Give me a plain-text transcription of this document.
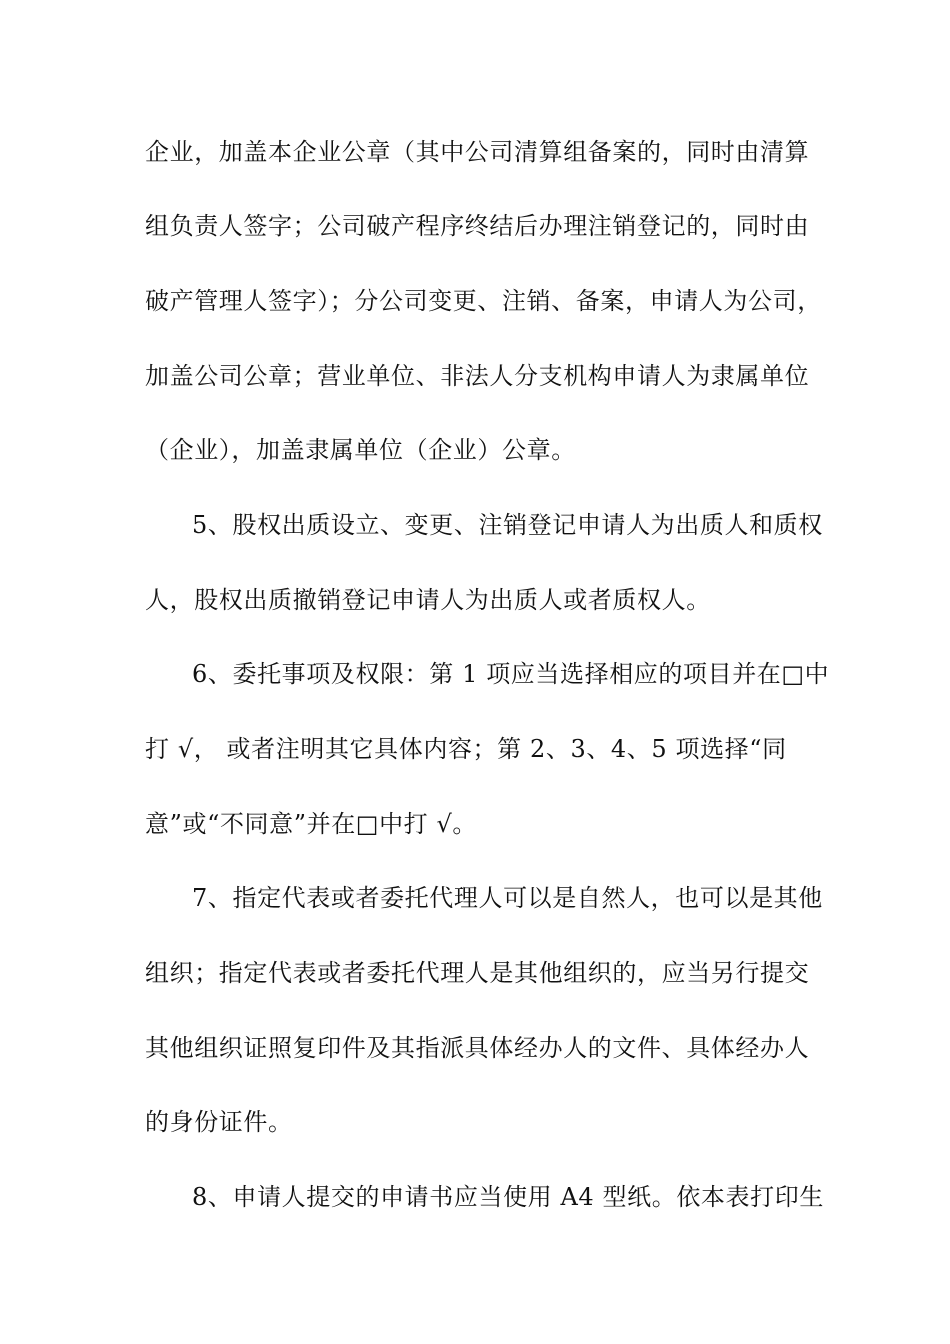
企业，加盖本企业公章（其中公司清算组备案的，同时由清算
组负责人签字；公司破产程序终结后办理注销登记的，同时由
破产管理人签字）；分公司变更、注销、备案，申请人为公司，
加盖公司公章；营业单位、非法人分支机构申请人为隶属单位
（企业），加盖隶属单位（企业）公章。
5、股权出质设立、变更、注销登记申请人为出质人和质权
人，股权出质撤销登记申请人为出质人或者质权人。
6、委托事项及权限：第 1 项应当选择相应的项目并在□中
打 √， 或者注明其它具体内容；第 2、3、4、5 项选择“同
意”或“不同意”并在□中打 √。
7、指定代表或者委托代理人可以是自然人，也可以是其他
组织；指定代表或者委托代理人是其他组织的，应当另行提交
其他组织证照复印件及其指派具体经办人的文件、具体经办人
的身份证件。
8、申请人提交的申请书应当使用 A4 型纸。依本表打印生
